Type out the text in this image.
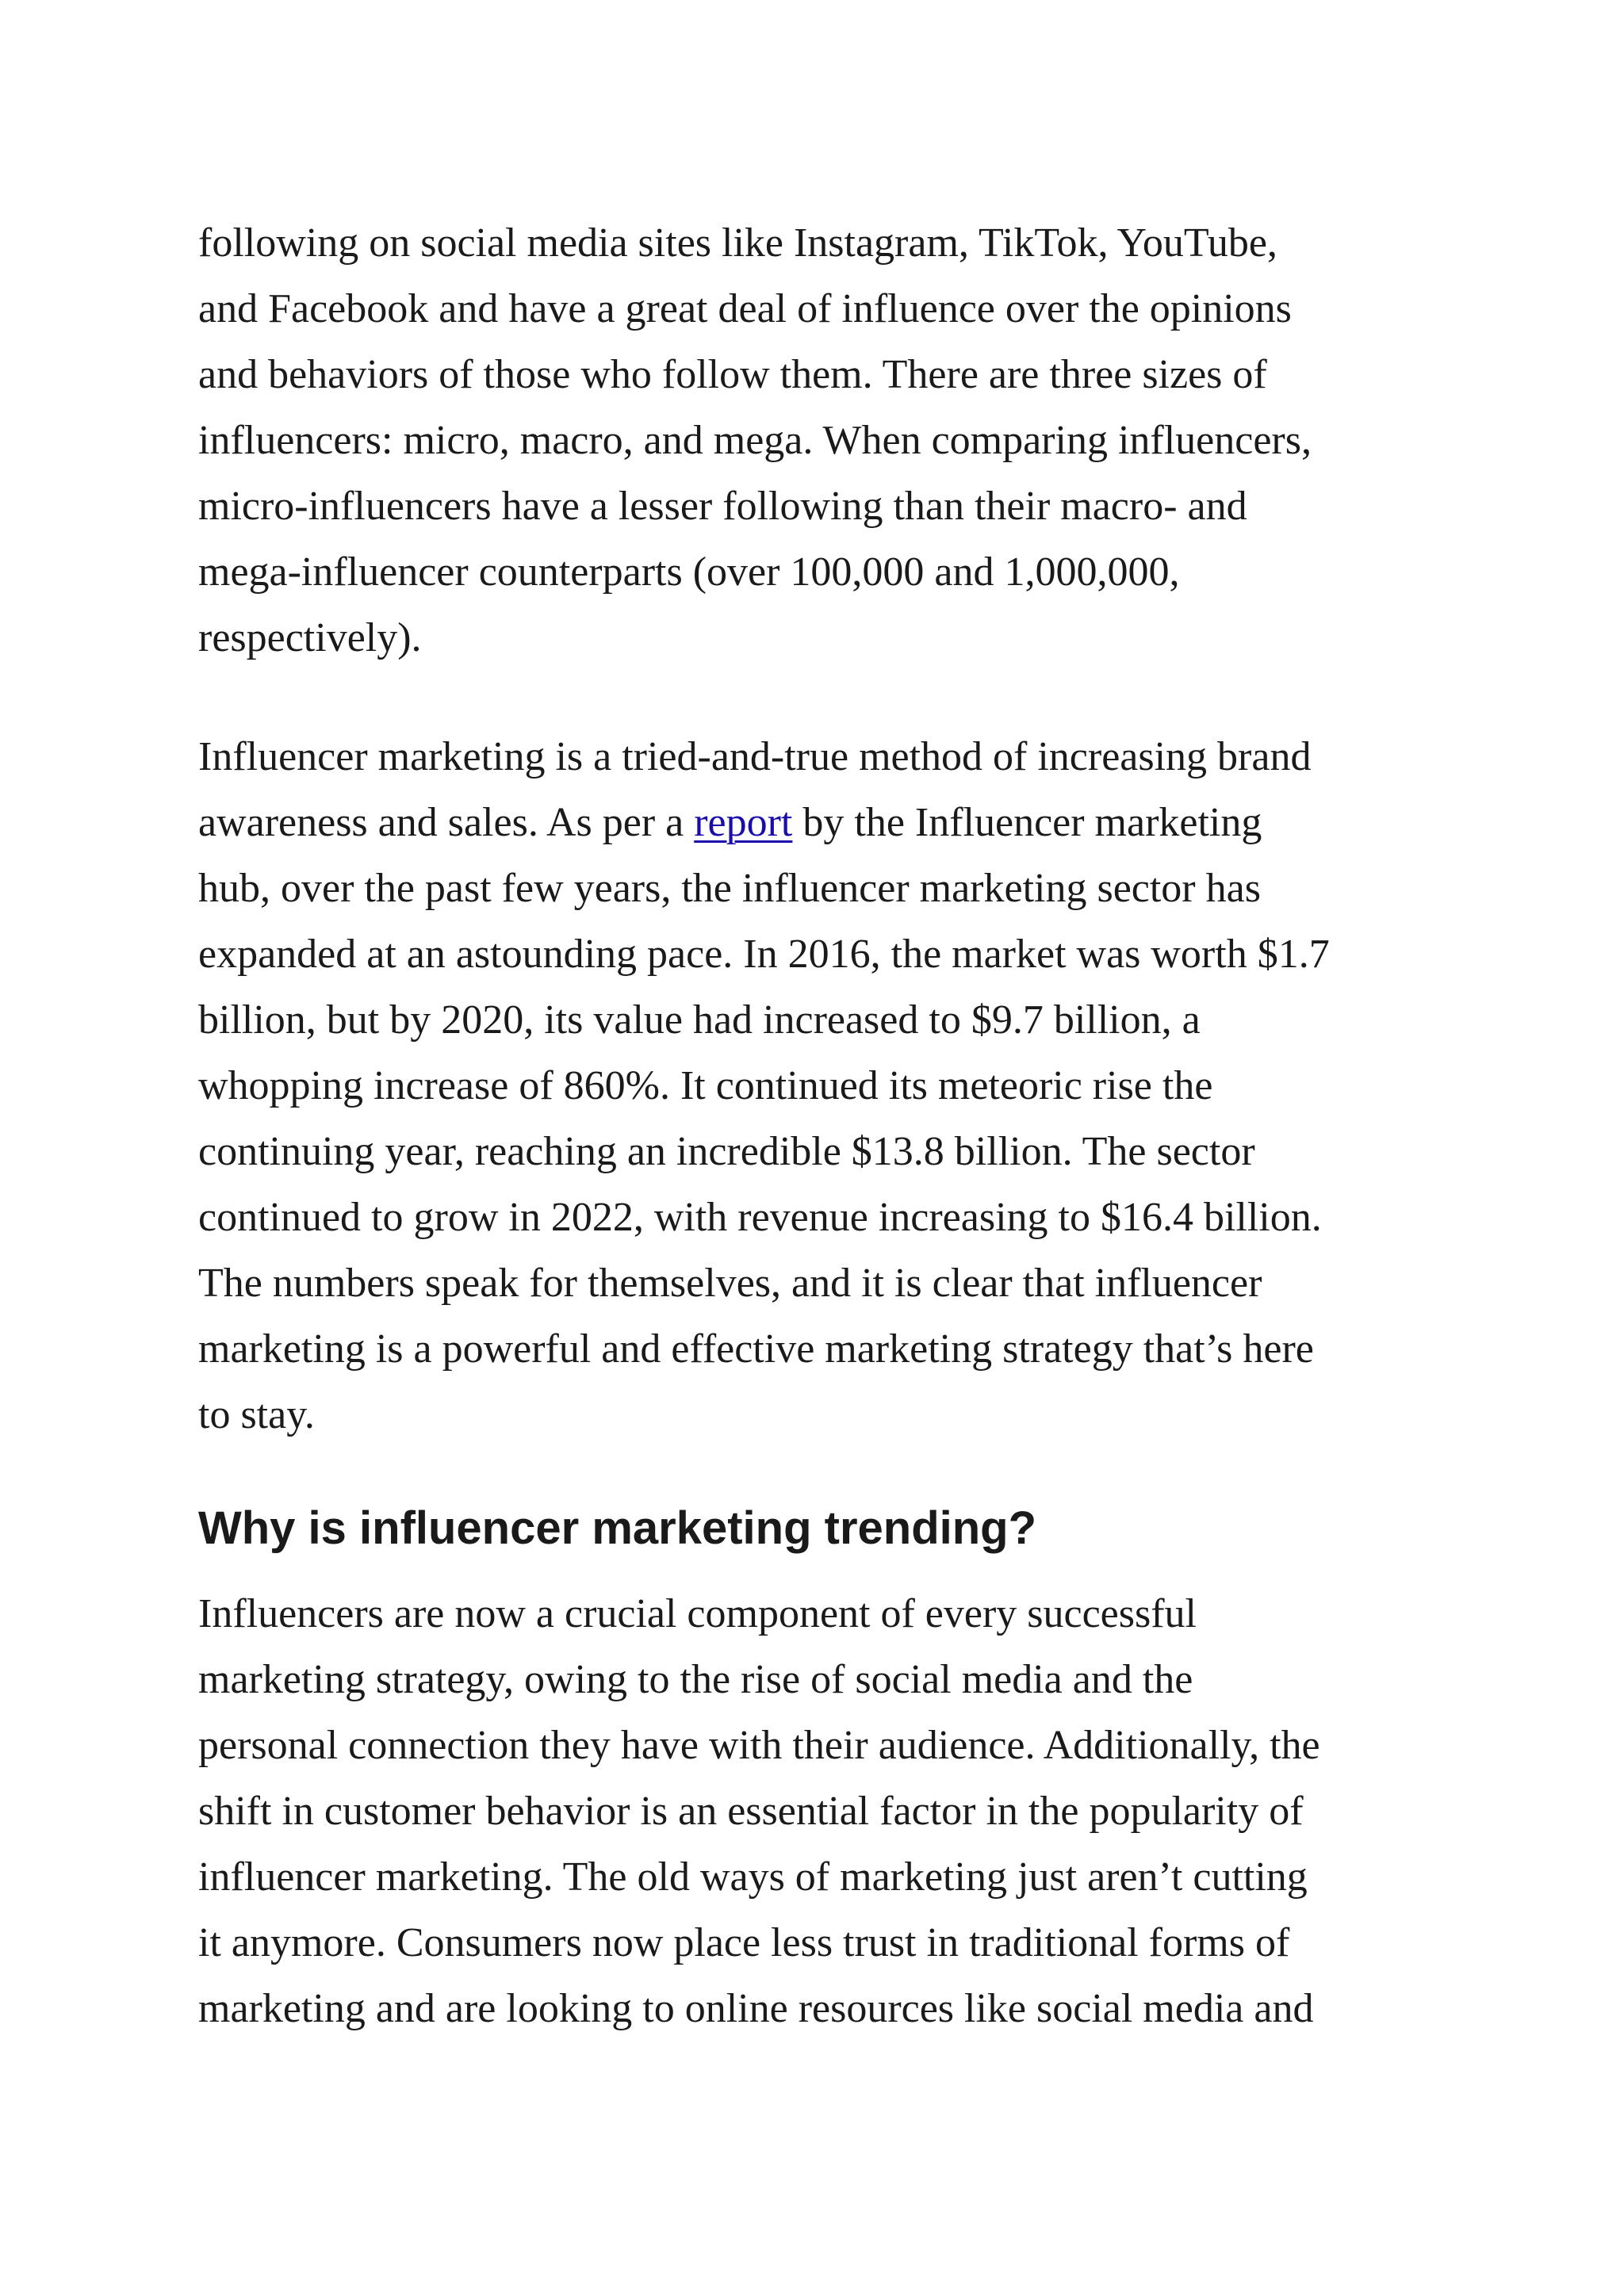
following on social media sites like Instagram, TikTok, YouTube,
and Facebook and have a great deal of influence over the opinions
and behaviors of those who follow them. There are three sizes of
influencers: micro, macro, and mega. When comparing influencers,
micro-influencers have a lesser following than their macro- and
mega-influencer counterparts (over 100,000 and 1,000,000,
respectively).
Influencer marketing is a tried-and-true method of increasing brand
awareness and sales. As per a report by the Influencer marketing
hub, over the past few years, the influencer marketing sector has
expanded at an astounding pace. In 2016, the market was worth $1.7
billion, but by 2020, its value had increased to $9.7 billion, a
whopping increase of 860%. It continued its meteoric rise the
continuing year, reaching an incredible $13.8 billion. The sector
continued to grow in 2022, with revenue increasing to $16.4 billion.
The numbers speak for themselves, and it is clear that influencer
marketing is a powerful and effective marketing strategy that’s here
to stay.
Why is influencer marketing trending?
Influencers are now a crucial component of every successful
marketing strategy, owing to the rise of social media and the
personal connection they have with their audience. Additionally, the
shift in customer behavior is an essential factor in the popularity of
influencer marketing. The old ways of marketing just aren’t cutting
it anymore. Consumers now place less trust in traditional forms of
marketing and are looking to online resources like social media and
